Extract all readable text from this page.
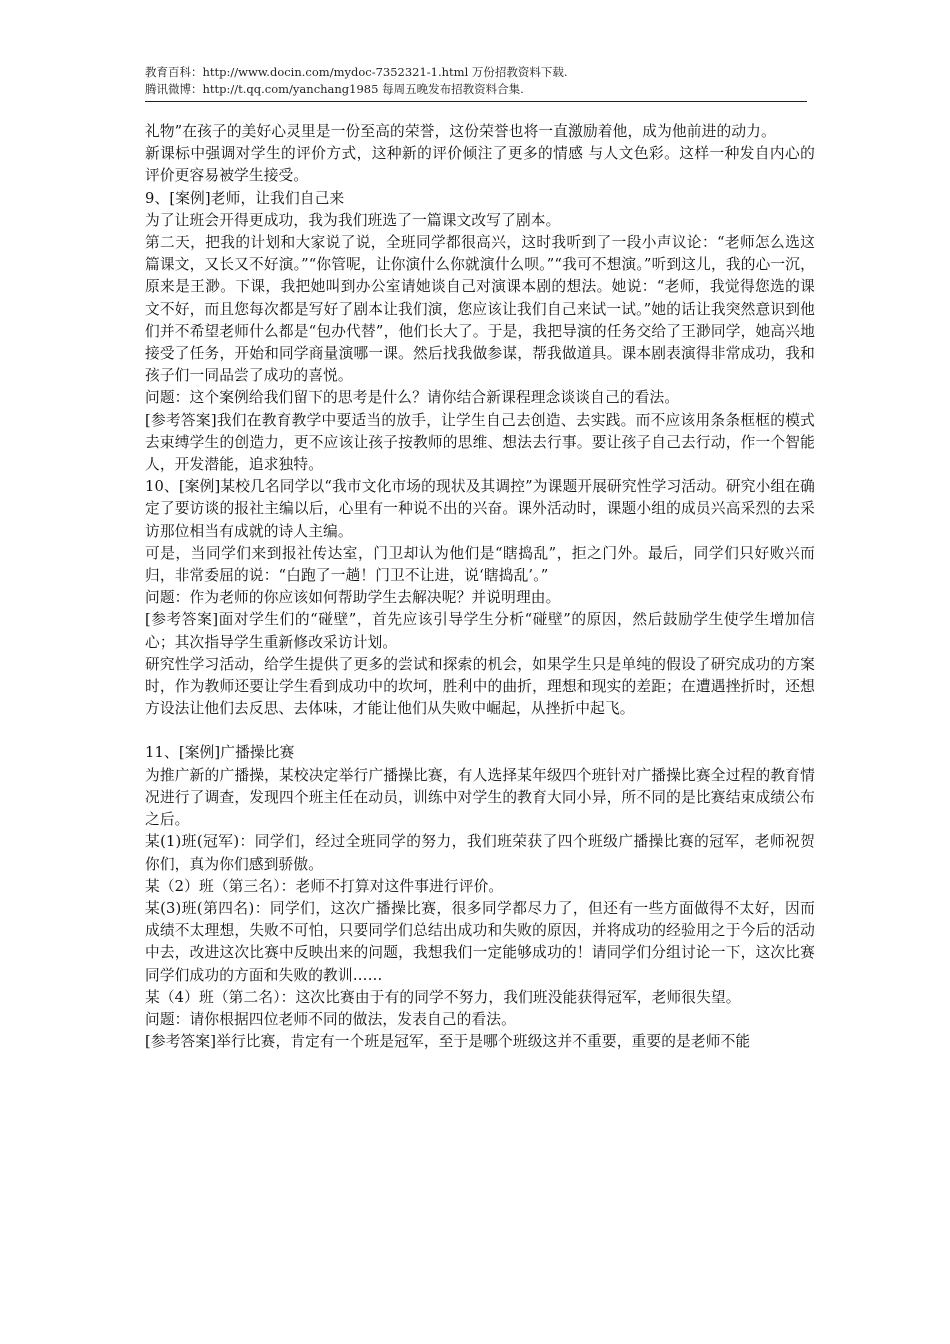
教育百科：http://www.docin.com/mydoc-7352321-1.html 万份招教资料下载.
腾讯微博：http://t.qq.com/yanchang1985 每周五晚发布招教资料合集.

礼物”在孩子的美好心灵里是一份至高的荣誉，这份荣誉也将一直激励着他，成为他前进的动力。

新课标中强调对学生的评价方式，这种新的评价倾注了更多的情感 与人文色彩。这样一种发自内心的评价更容易被学生接受。

9、[案例]老师，让我们自己来

为了让班会开得更成功，我为我们班选了一篇课文改写了剧本。

第二天，把我的计划和大家说了说，全班同学都很高兴，这时我听到了一段小声议论：“老师怎么选这篇课文，又长又不好演。”“你管呢，让你演什么你就演什么呗。”“我可不想演。”听到这儿，我的心一沉，原来是王渺。下课，我把她叫到办公室请她谈自己对演课本剧的想法。她说：“老师，我觉得您选的课文不好，而且您每次都是写好了剧本让我们演，您应该让我们自己来试一试。”她的话让我突然意识到他们并不希望老师什么都是“包办代替”，他们长大了。于是，我把导演的任务交给了王渺同学，她高兴地接受了任务，开始和同学商量演哪一课。然后找我做参谋，帮我做道具。课本剧表演得非常成功，我和孩子们一同品尝了成功的喜悦。

问题：这个案例给我们留下的思考是什么？请你结合新课程理念谈谈自己的看法。

[参考答案]我们在教育教学中要适当的放手，让学生自己去创造、去实践。而不应该用条条框框的模式去束缚学生的创造力，更不应该让孩子按教师的思维、想法去行事。要让孩子自己去行动，作一个智能人，开发潜能，追求独特。

10、[案例]某校几名同学以“我市文化市场的现状及其调控”为课题开展研究性学习活动。研究小组在确定了要访谈的报社主编以后，心里有一种说不出的兴奋。课外活动时，课题小组的成员兴高采烈的去采访那位相当有成就的诗人主编。

可是，当同学们来到报社传达室，门卫却认为他们是“瞎捣乱”，拒之门外。最后，同学们只好败兴而归，非常委屈的说：“白跑了一趟！门卫不让进，说‘瞎捣乱’。”

问题：作为老师的你应该如何帮助学生去解决呢？并说明理由。

[参考答案]面对学生们的“碰壁”，首先应该引导学生分析“碰壁”的原因，然后鼓励学生使学生增加信心；其次指导学生重新修改采访计划。

研究性学习活动，给学生提供了更多的尝试和探索的机会，如果学生只是单纯的假设了研究成功的方案时，作为教师还要让学生看到成功中的坎坷，胜利中的曲折，理想和现实的差距；在遭遇挫折时，还想方设法让他们去反思、去体味，才能让他们从失败中崛起，从挫折中起飞。

11、[案例]广播操比赛

为推广新的广播操，某校决定举行广播操比赛，有人选择某年级四个班针对广播操比赛全过程的教育情况进行了调查，发现四个班主任在动员，训练中对学生的教育大同小异，所不同的是比赛结束成绩公布之后。

某(1)班(冠军)：同学们，经过全班同学的努力，我们班荣获了四个班级广播操比赛的冠军，老师祝贺你们，真为你们感到骄傲。

某（2）班（第三名）：老师不打算对这件事进行评价。

某(3)班(第四名)：同学们，这次广播操比赛，很多同学都尽力了，但还有一些方面做得不太好，因而成绩不太理想，失败不可怕，只要同学们总结出成功和失败的原因，并将成功的经验用之于今后的活动中去，改进这次比赛中反映出来的问题，我想我们一定能够成功的！请同学们分组讨论一下，这次比赛同学们成功的方面和失败的教训……

某（4）班（第二名）：这次比赛由于有的同学不努力，我们班没能获得冠军，老师很失望。

问题：请你根据四位老师不同的做法，发表自己的看法。

[参考答案]举行比赛，肯定有一个班是冠军，至于是哪个班级这并不重要，重要的是老师不能
